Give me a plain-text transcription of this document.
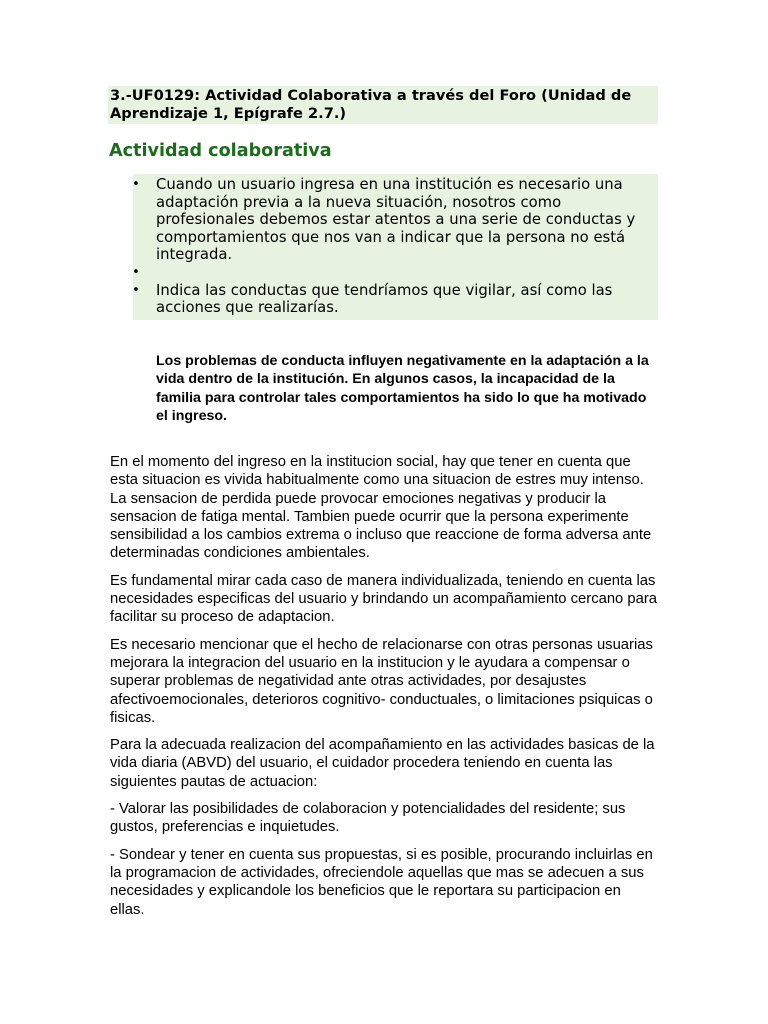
3.-UF0129: Actividad Colaborativa a través del Foro (Unidad de Aprendizaje 1, Epígrafe 2.7.)

Actividad colaborativa
• Cuando un usuario ingresa en una institución es necesario una adaptación previa a la nueva situación, nosotros como profesionales debemos estar atentos a una serie de conductas y comportamientos que nos van a indicar que la persona no está integrada.
•
• Indica las conductas que tendríamos que vigilar, así como las acciones que realizarías.

Los problemas de conducta influyen negativamente en la adaptación a la vida dentro de la institución. En algunos casos, la incapacidad de la familia para controlar tales comportamientos ha sido lo que ha motivado el ingreso.

En el momento del ingreso en la institucion social, hay que tener en cuenta que esta situacion es vivida habitualmente como una situacion de estres muy intenso. La sensacion de perdida puede provocar emociones negativas y producir la sensacion de fatiga mental. Tambien puede ocurrir que la persona experimente sensibilidad a los cambios extrema o incluso que reaccione de forma adversa ante determinadas condiciones ambientales.

Es fundamental mirar cada caso de manera individualizada, teniendo en cuenta las necesidades especificas del usuario y brindando un acompañamiento cercano para facilitar su proceso de adaptacion.

Es necesario mencionar que el hecho de relacionarse con otras personas usuarias mejorara la integracion del usuario en la institucion y le ayudara a compensar o superar problemas de negatividad ante otras actividades, por desajustes afectivoemocionales, deterioros cognitivo- conductuales, o limitaciones psiquicas o fisicas.

Para la adecuada realizacion del acompañamiento en las actividades basicas de la vida diaria (ABVD) del usuario, el cuidador procedera teniendo en cuenta las siguientes pautas de actuacion:

- Valorar las posibilidades de colaboracion y potencialidades del residente; sus gustos, preferencias e inquietudes.

- Sondear y tener en cuenta sus propuestas, si es posible, procurando incluirlas en la programacion de actividades, ofreciendole aquellas que mas se adecuen a sus necesidades y explicandole los beneficios que le reportara su participacion en ellas.
